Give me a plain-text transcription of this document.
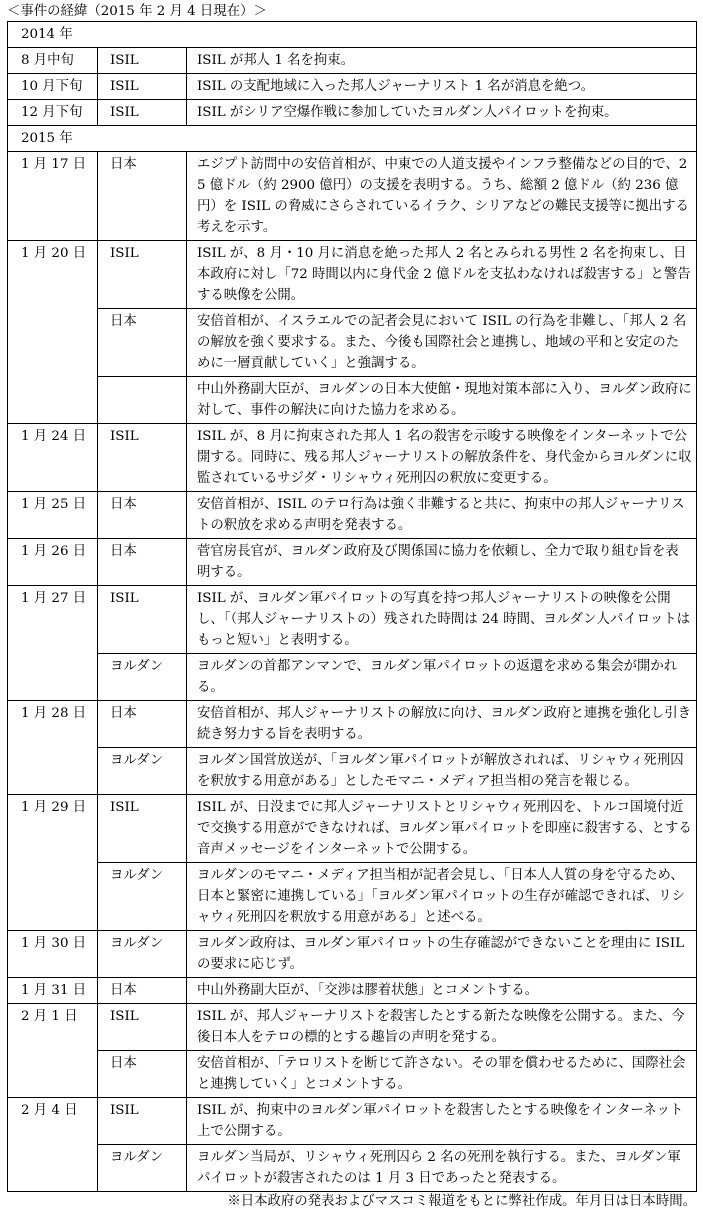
＜事件の経緯（2015 年 2 月 4 日現在）＞
2014 年		
8 月中旬	ISIL	ISIL が邦人 1 名を拘束。
10 月下旬	ISIL	ISIL の支配地域に入った邦人ジャーナリスト 1 名が消息を絶つ。
12 月下旬	ISIL	ISIL がシリア空爆作戦に参加していたヨルダン人パイロットを拘束。
2015 年		
1 月 17 日	日本	エジプト訪問中の安倍首相が、中東での人道支援やインフラ整備などの目的で、25 億ドル（約 2900 億円）の支援を表明する。うち、総額 2 億ドル（約 236 億円）を ISIL の脅威にさらされているイラク、シリアなどの難民支援等に拠出する考えを示す。
1 月 20 日	ISIL	ISIL が、8 月・10 月に消息を絶った邦人 2 名とみられる男性 2 名を拘束し、日本政府に対し「72 時間以内に身代金 2 億ドルを支払わなければ殺害する」と警告する映像を公開。
	日本	安倍首相が、イスラエルでの記者会見において ISIL の行為を非難し、「邦人 2 名の解放を強く要求する。また、今後も国際社会と連携し、地域の平和と安定のために一層貢献していく」と強調する。
		中山外務副大臣が、ヨルダンの日本大使館・現地対策本部に入り、ヨルダン政府に対して、事件の解決に向けた協力を求める。
1 月 24 日	ISIL	ISIL が、8 月に拘束された邦人 1 名の殺害を示唆する映像をインターネットで公開する。同時に、残る邦人ジャーナリストの解放条件を、身代金からヨルダンに収監されているサジダ・リシャウィ死刑囚の釈放に変更する。
1 月 25 日	日本	安倍首相が、ISIL のテロ行為は強く非難すると共に、拘束中の邦人ジャーナリストの釈放を求める声明を発表する。
1 月 26 日	日本	菅官房長官が、ヨルダン政府及び関係国に協力を依頼し、全力で取り組む旨を表明する。
1 月 27 日	ISIL	ISIL が、ヨルダン軍パイロットの写真を持つ邦人ジャーナリストの映像を公開し、「（邦人ジャーナリストの）残された時間は 24 時間、ヨルダン人パイロットはもっと短い」と表明する。
	ヨルダン	ヨルダンの首都アンマンで、ヨルダン軍パイロットの返還を求める集会が開かれる。
1 月 28 日	日本	安倍首相が、邦人ジャーナリストの解放に向け、ヨルダン政府と連携を強化し引き続き努力する旨を表明する。
	ヨルダン	ヨルダン国営放送が、「ヨルダン軍パイロットが解放されれば、リシャウィ死刑囚を釈放する用意がある」としたモマニ・メディア担当相の発言を報じる。
1 月 29 日	ISIL	ISIL が、日没までに邦人ジャーナリストとリシャウィ死刑囚を、トルコ国境付近で交換する用意ができなければ、ヨルダン軍パイロットを即座に殺害する、とする音声メッセージをインターネットで公開する。
	ヨルダン	ヨルダンのモマニ・メディア担当相が記者会見し、「日本人人質の身を守るため、日本と緊密に連携している」「ヨルダン軍パイロットの生存が確認できれば、リシャウィ死刑囚を釈放する用意がある」と述べる。
1 月 30 日	ヨルダン	ヨルダン政府は、ヨルダン軍パイロットの生存確認ができないことを理由に ISIL の要求に応じず。
1 月 31 日	日本	中山外務副大臣が、「交渉は膠着状態」とコメントする。
2 月 1 日	ISIL	ISIL が、邦人ジャーナリストを殺害したとする新たな映像を公開する。また、今後日本人をテロの標的とする趣旨の声明を発する。
	日本	安倍首相が、「テロリストを断じて許さない。その罪を償わせるために、国際社会と連携していく」とコメントする。
2 月 4 日	ISIL	ISIL が、拘束中のヨルダン軍パイロットを殺害したとする映像をインターネット上で公開する。
	ヨルダン	ヨルダン当局が、リシャウィ死刑囚ら 2 名の死刑を執行する。また、ヨルダン軍パイロットが殺害されたのは 1 月 3 日であったと発表する。
※日本政府の発表およびマスコミ報道をもとに弊社作成。年月日は日本時間。
